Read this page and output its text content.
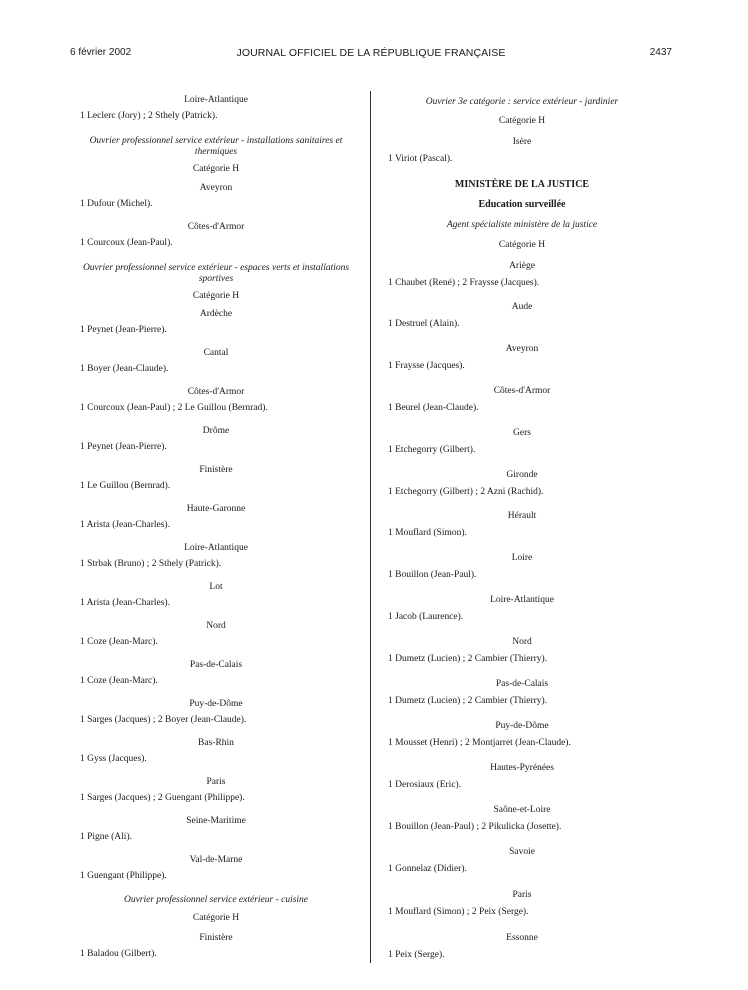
6 février 2002	JOURNAL OFFICIEL DE LA RÉPUBLIQUE FRANÇAISE	2437
Loire-Atlantique
1 Leclerc (Jory) ; 2 Sthely (Patrick).
Ouvrier professionnel service extérieur - installations sanitaires et thermiques
Catégorie H
Aveyron
1 Dufour (Michel).
Côtes-d'Armor
1 Courcoux (Jean-Paul).
Ouvrier professionnel service extérieur - espaces verts et installations sportives
Catégorie H
Ardèche
1 Peynet (Jean-Pierre).
Cantal
1 Boyer (Jean-Claude).
Côtes-d'Armor
1 Courcoux (Jean-Paul) ; 2 Le Guillou (Bernrad).
Drôme
1 Peynet (Jean-Pierre).
Finistère
1 Le Guillou (Bernrad).
Haute-Garonne
1 Arista (Jean-Charles).
Loire-Atlantique
1 Strbak (Bruno) ; 2 Sthely (Patrick).
Lot
1 Arista (Jean-Charles).
Nord
1 Coze (Jean-Marc).
Pas-de-Calais
1 Coze (Jean-Marc).
Puy-de-Dôme
1 Sarges (Jacques) ; 2 Boyer (Jean-Claude).
Bas-Rhin
1 Gyss (Jacques).
Paris
1 Sarges (Jacques) ; 2 Guengant (Philippe).
Seine-Maritime
1 Pigne (Ali).
Val-de-Marne
1 Guengant (Philippe).
Ouvrier professionnel service extérieur - cuisine
Catégorie H
Finistère
1 Baladou (Gilbert).
Ouvrier 3e catégorie : service extérieur - jardinier
Catégorie H
Isère
1 Viriot (Pascal).
MINISTÈRE DE LA JUSTICE
Education surveillée
Agent spécialiste ministère de la justice
Catégorie H
Ariège
1 Chaubet (René) ; 2 Fraysse (Jacques).
Aude
1 Destruel (Alain).
Aveyron
1 Fraysse (Jacques).
Côtes-d'Armor
1 Beurel (Jean-Claude).
Gers
1 Etchegorry (Gilbert).
Gironde
1 Etchegorry (Gilbert) ; 2 Azni (Rachid).
Hérault
1 Mouflard (Simon).
Loire
1 Bouillon (Jean-Paul).
Loire-Atlantique
1 Jacob (Laurence).
Nord
1 Dumetz (Lucien) ; 2 Cambier (Thierry).
Pas-de-Calais
1 Dumetz (Lucien) ; 2 Cambier (Thierry).
Puy-de-Dôme
1 Mousset (Henri) ; 2 Montjarret (Jean-Claude).
Hautes-Pyrénées
1 Derosiaux (Eric).
Saône-et-Loire
1 Bouillon (Jean-Paul) ; 2 Pikulicka (Josette).
Savoie
1 Gonnelaz (Didier).
Paris
1 Mouflard (Simon) ; 2 Peix (Serge).
Essonne
1 Peix (Serge).
